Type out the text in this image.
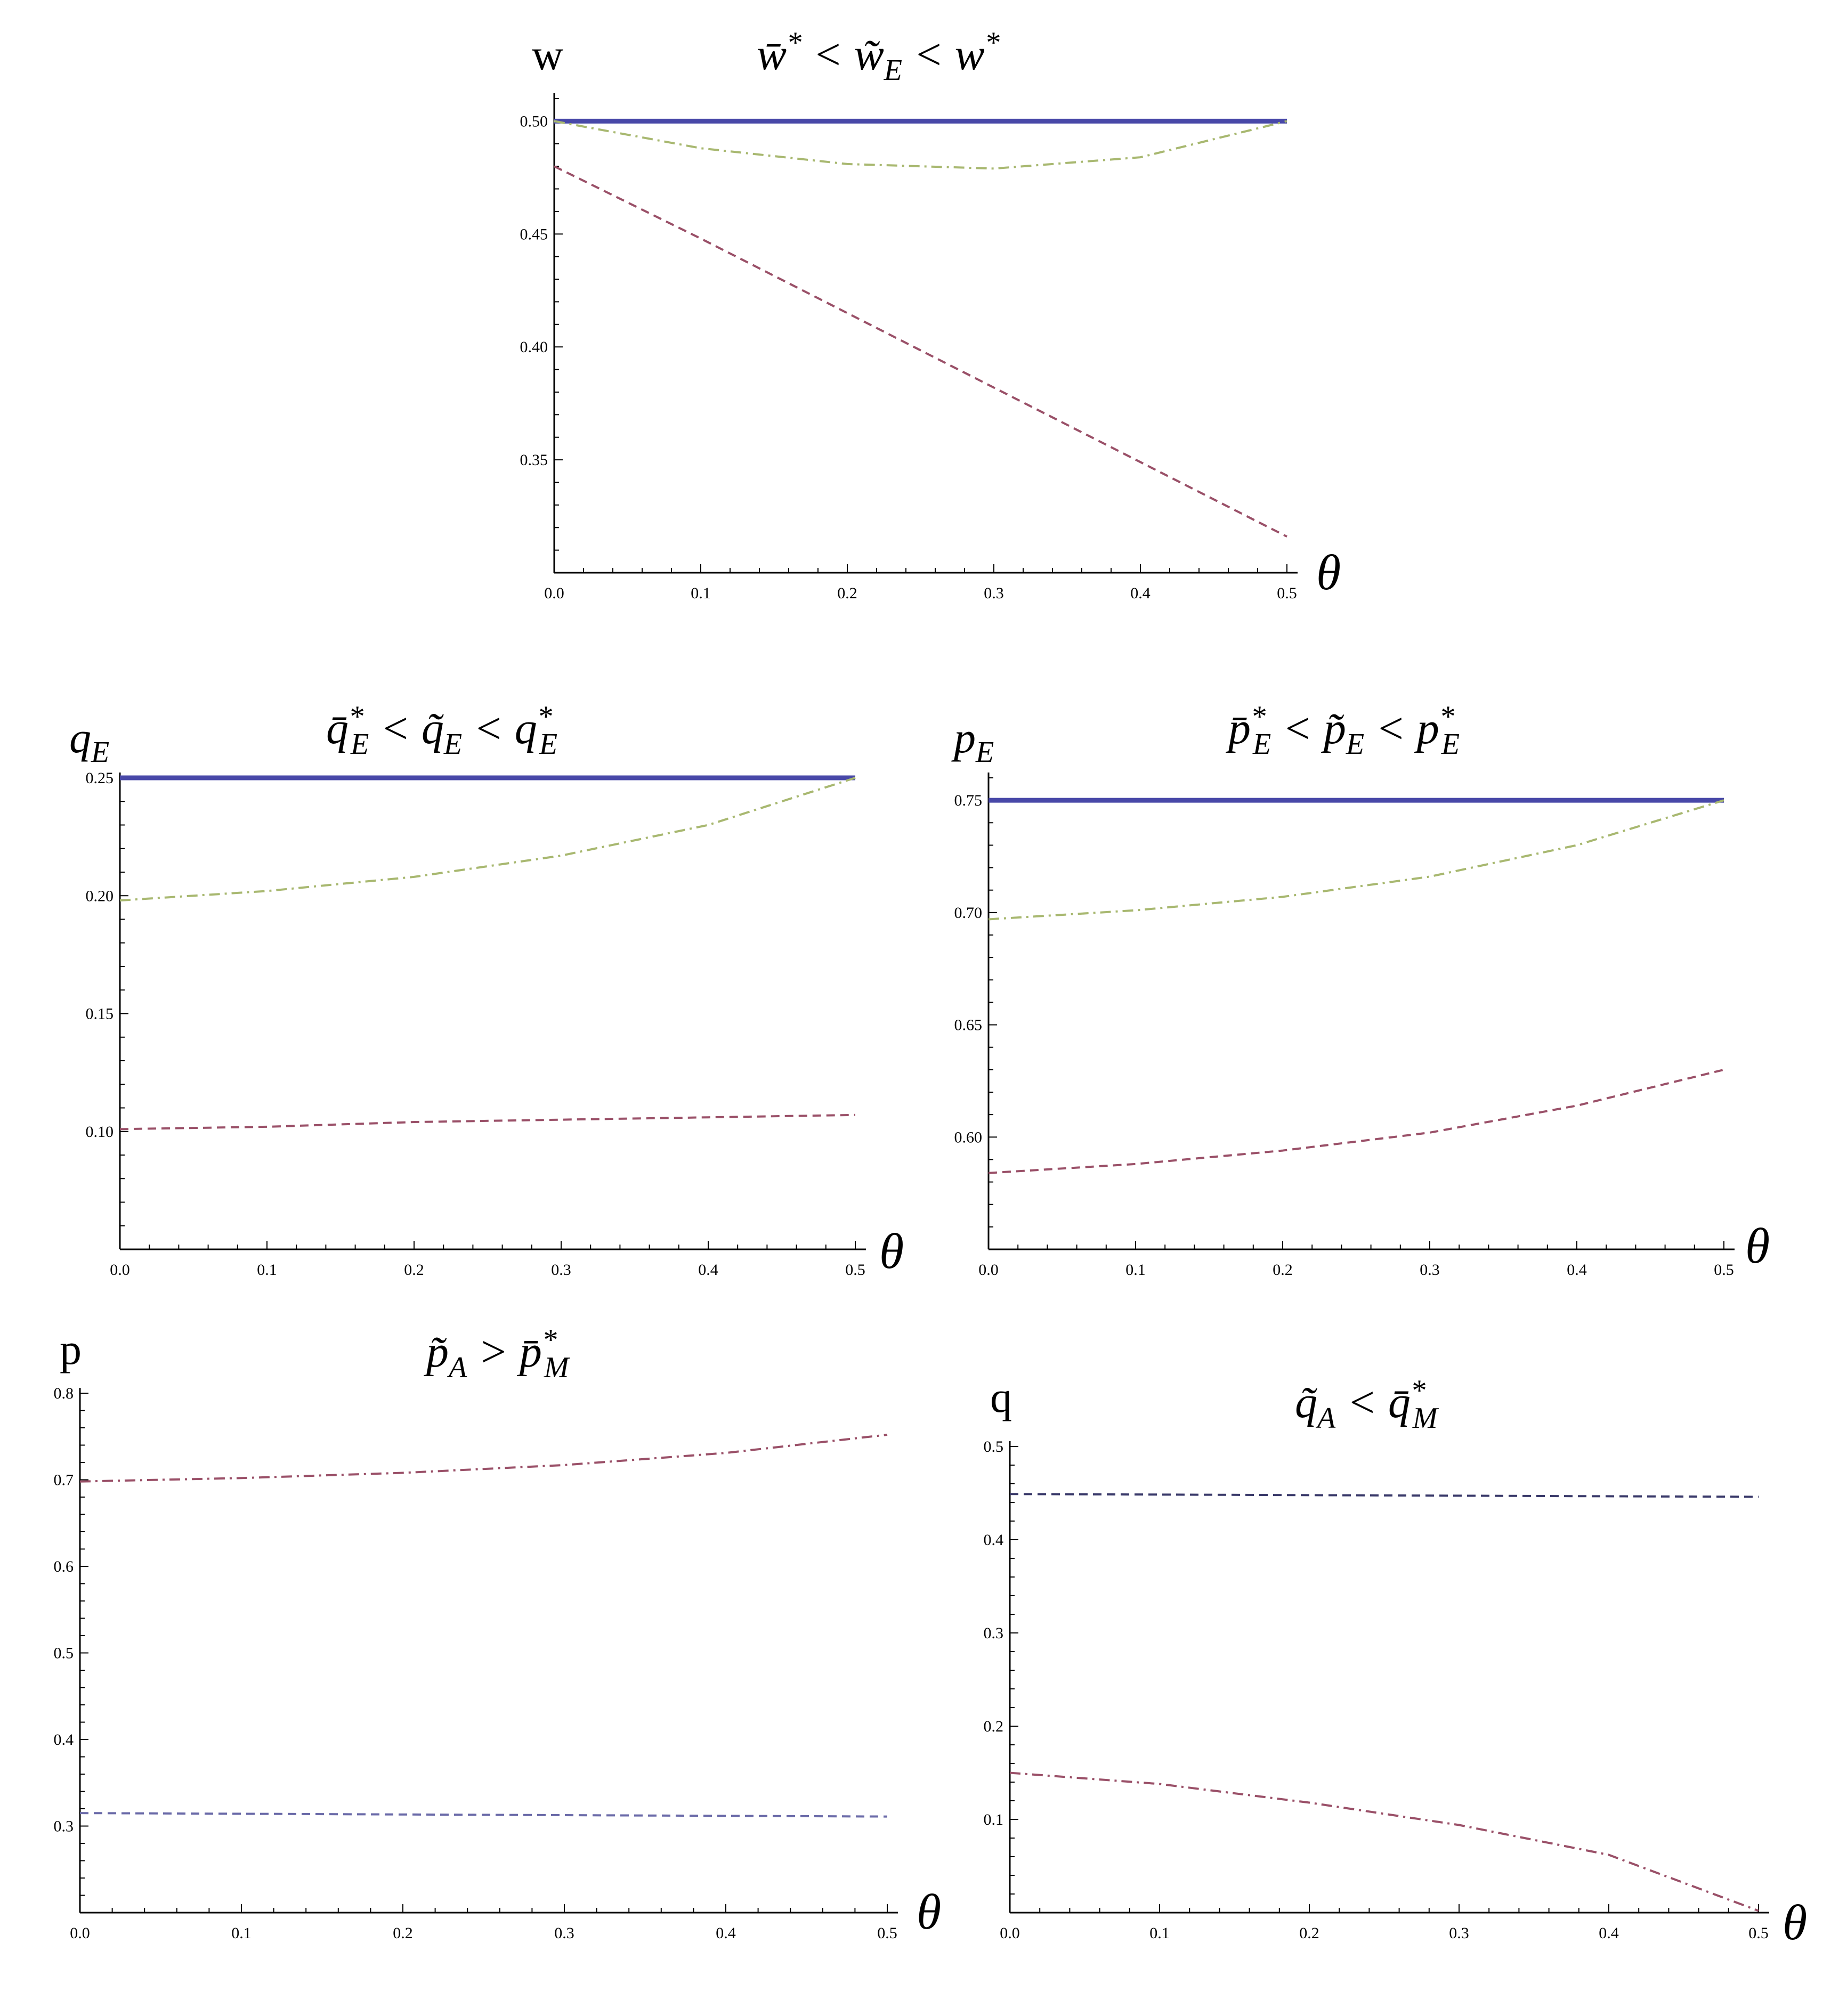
w	w̄* < $w̃_E < w^*$
θ
0.0	0.1	0.2	0.3	0.4	0.5
0.35
0.40
0.45
0.50
$q_E$	q̄* $E < q̃_E < q^*$ E
θ
0.0	0.1	0.2	0.3	0.4	0.5
0.10
0.15
0.20
0.25
$p_E$	p̄* $E < p̃_E < p^*$ E
θ
0.0	0.1	0.2	0.3	0.4	0.5
0.60
0.65
0.70
0.75
p	$p̃_A$ > p̄* M
θ
0.0	0.1	0.2	0.3	0.4	0.5
0.3
0.4
0.5
0.6
0.7
0.8	q	$q̃_A$ < q̄* M
θ
0.0	0.1	0.2	0.3	0.4	0.5
0.1
0.2
0.3
0.4
0.5
